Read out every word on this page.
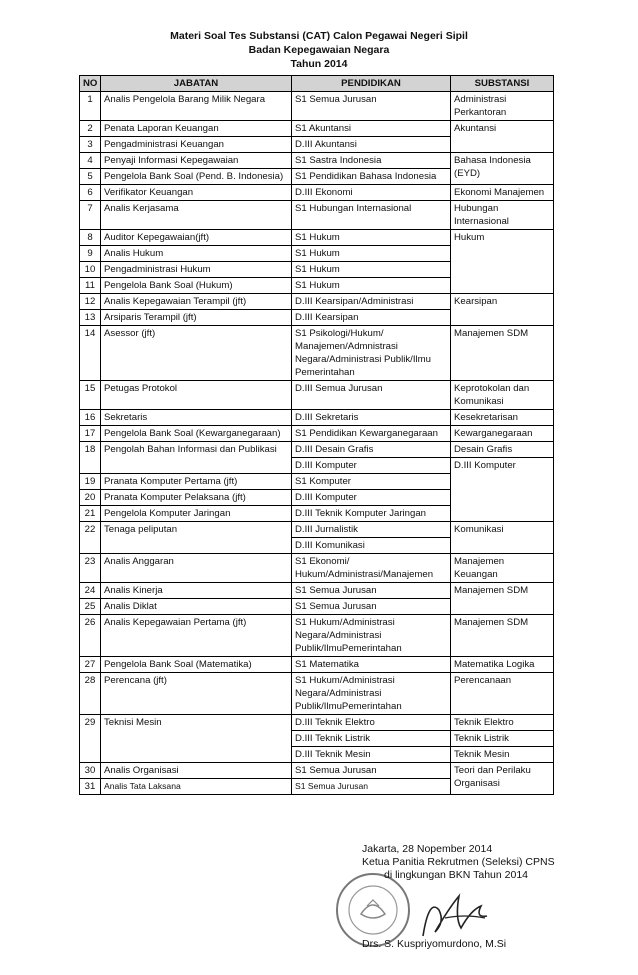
Materi Soal Tes Substansi (CAT) Calon Pegawai Negeri Sipil
Badan Kepegawaian Negara
Tahun 2014
NO	JABATAN	PENDIDIKAN	SUBSTANSI
1	Analis Pengelola Barang Milik Negara	S1 Semua Jurusan	Administrasi Perkantoran
2	Penata Laporan Keuangan	S1 Akuntansi	Akuntansi
3	Pengadministrasi Keuangan	D.III Akuntansi	
4	Penyaji Informasi Kepegawaian	S1 Sastra Indonesia	Bahasa Indonesia (EYD)
5	Pengelola Bank Soal (Pend. B. Indonesia)	S1 Pendidikan Bahasa Indonesia	
6	Verifikator Keuangan	D.III Ekonomi	Ekonomi Manajemen
7	Analis Kerjasama	S1 Hubungan Internasional	Hubungan Internasional
8	Auditor Kepegawaian(jft)	S1 Hukum	Hukum
9	Analis Hukum	S1 Hukum	
10	Pengadministrasi Hukum	S1 Hukum	
11	Pengelola Bank Soal (Hukum)	S1 Hukum	
12	Analis Kepegawaian Terampil (jft)	D.III Kearsipan/Administrasi	Kearsipan
13	Arsiparis Terampil (jft)	D.III Kearsipan	
14	Asessor (jft)	S1 Psikologi/Hukum/ Manajemen/Admnistrasi Negara/Administrasi Publik/Ilmu Pemerintahan	Manajemen SDM
15	Petugas Protokol	D.III Semua Jurusan	Keprotokolan dan Komunikasi
16	Sekretaris	D.III Sekretaris	Kesekretarisan
17	Pengelola Bank Soal (Kewarganegaraan)	S1 Pendidikan Kewarganegaraan	Kewarganegaraan
18	Pengolah Bahan Informasi dan Publikasi	D.III Desain Grafis	Desain Grafis
		D.III Komputer	D.III Komputer
19	Pranata Komputer Pertama (jft)	S1 Komputer	
20	Pranata Komputer Pelaksana (jft)	D.III Komputer	
21	Pengelola Komputer Jaringan	D.III Teknik Komputer Jaringan	
22	Tenaga peliputan	D.III Jurnalistik	Komunikasi
		D.III Komunikasi	
23	Analis Anggaran	S1 Ekonomi/ Hukum/Administrasi/Manajemen	Manajemen Keuangan
24	Analis Kinerja	S1 Semua Jurusan	Manajemen SDM
25	Analis Diklat	S1 Semua Jurusan	
26	Analis Kepegawaian Pertama (jft)	S1 Hukum/Administrasi Negara/Administrasi Publik/IlmuPemerintahan	Manajemen SDM
27	Pengelola Bank Soal (Matematika)	S1 Matematika	Matematika Logika
28	Perencana (jft)	S1 Hukum/Administrasi Negara/Administrasi Publik/IlmuPemerintahan	Perencanaan
29	Teknisi Mesin	D.III Teknik Elektro	Teknik Elektro
		D.III Teknik Listrik	Teknik Listrik
		D.III Teknik Mesin	Teknik Mesin
30	Analis Organisasi	S1 Semua Jurusan	Teori dan Perilaku Organisasi
31	Analis Tata Laksana	S1 Semua Jurusan	
Jakarta, 28 Nopember 2014
Ketua Panitia Rekrutmen (Seleksi) CPNS
di lingkungan BKN Tahun 2014
Drs. S. Kuspriyomurdono, M.Si
